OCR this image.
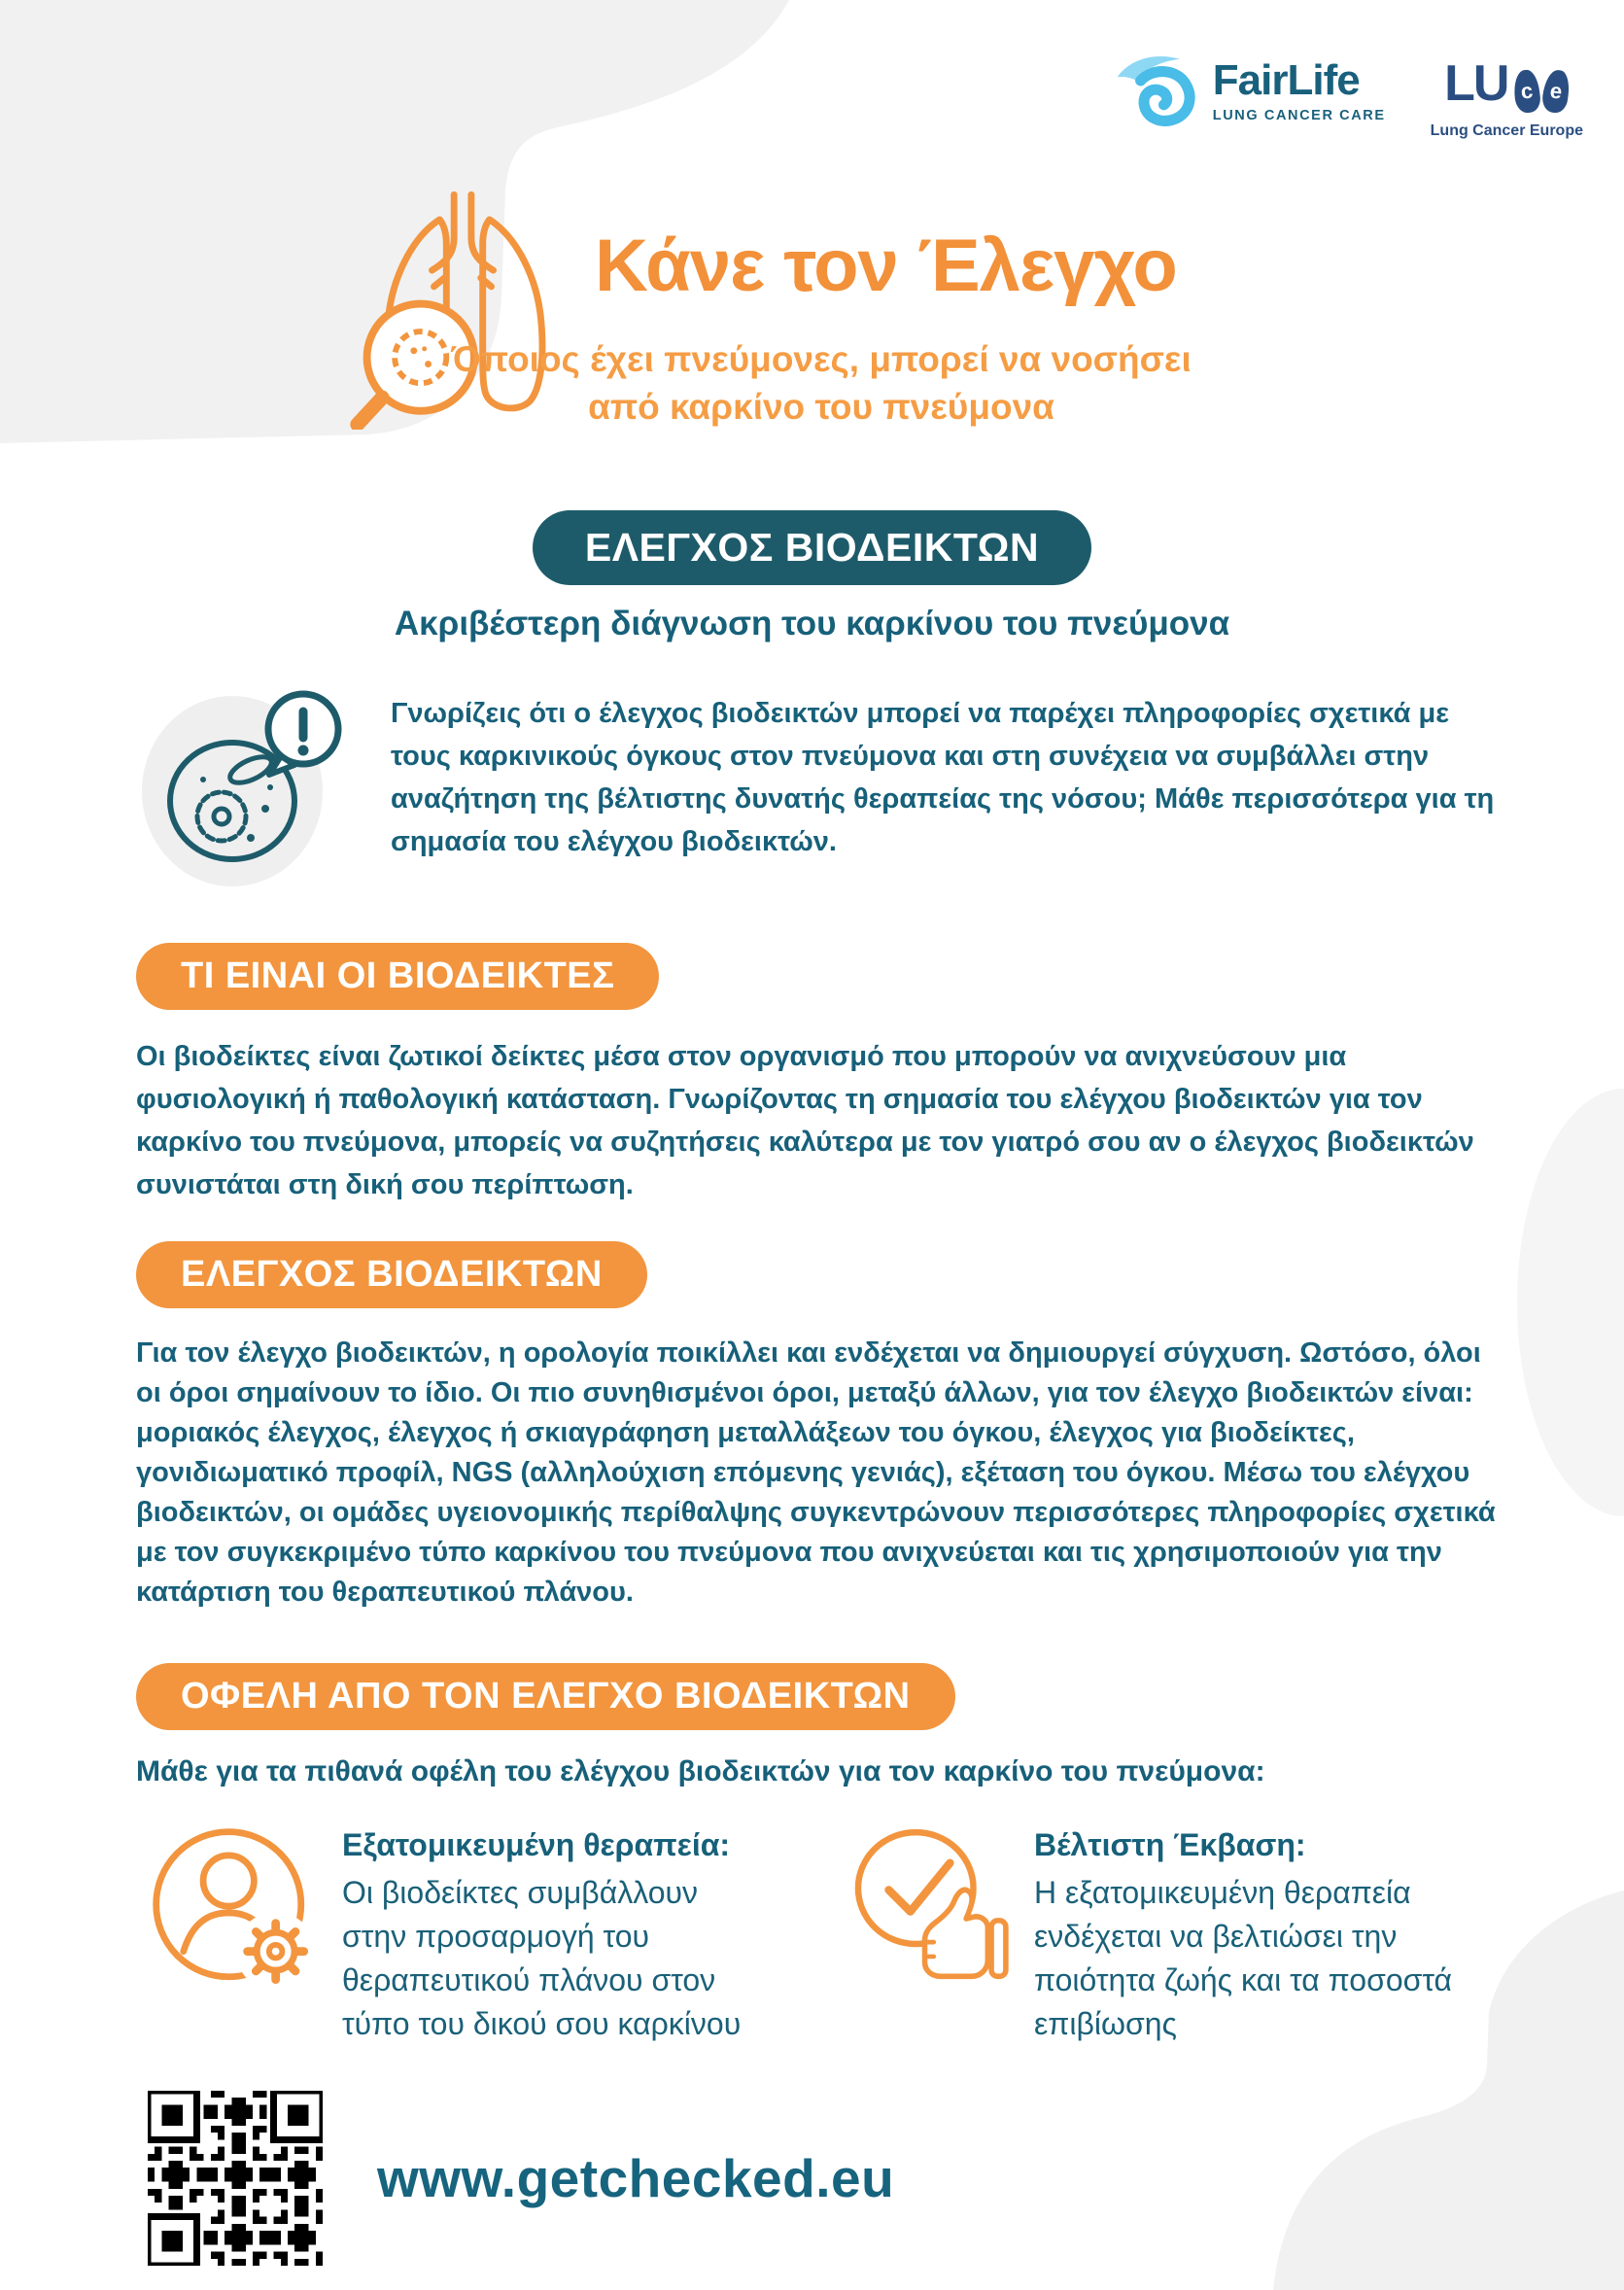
FairLife
LUNG CANCER CARE
LU c e
Lung Cancer Europe
Κάνε τον Έλεγχο
Όποιος έχει πνεύμονες, μπορεί να νοσήσει
από καρκίνο του πνεύμονα
ΕΛΕΓΧΟΣ ΒΙΟΔΕΙΚΤΩΝ
Ακριβέστερη διάγνωση του καρκίνου του πνεύμονα
Γνωρίζεις ότι ο έλεγχος βιοδεικτών μπορεί να παρέχει πληροφορίες σχετικά με τους καρκινικούς όγκους στον πνεύμονα και στη συνέχεια να συμβάλλει στην αναζήτηση της βέλτιστης δυνατής θεραπείας της νόσου; Μάθε περισσότερα για τη σημασία του ελέγχου βιοδεικτών.
ΤΙ ΕΙΝΑΙ ΟΙ ΒΙΟΔΕΙΚΤΕΣ
Οι βιοδείκτες είναι ζωτικοί δείκτες μέσα στον οργανισμό που μπορούν να ανιχνεύσουν μια φυσιολογική ή παθολογική κατάσταση. Γνωρίζοντας τη σημασία του ελέγχου βιοδεικτών για τον καρκίνο του πνεύμονα, μπορείς να συζητήσεις καλύτερα με τον γιατρό σου αν ο έλεγχος βιοδεικτών συνιστάται στη δική σου περίπτωση.
ΕΛΕΓΧΟΣ ΒΙΟΔΕΙΚΤΩΝ
Για τον έλεγχο βιοδεικτών, η ορολογία ποικίλλει και ενδέχεται να δημιουργεί σύγχυση. Ωστόσο, όλοι οι όροι σημαίνουν το ίδιο. Οι πιο συνηθισμένοι όροι, μεταξύ άλλων, για τον έλεγχο βιοδεικτών είναι: μοριακός έλεγχος, έλεγχος ή σκιαγράφηση μεταλλάξεων του όγκου, έλεγχος για βιοδείκτες, γονιδιωματικό προφίλ, NGS (αλληλούχιση επόμενης γενιάς), εξέταση του όγκου. Μέσω του ελέγχου βιοδεικτών, οι ομάδες υγειονομικής περίθαλψης συγκεντρώνουν περισσότερες πληροφορίες σχετικά με τον συγκεκριμένο τύπο καρκίνου του πνεύμονα που ανιχνεύεται και τις χρησιμοποιούν για την κατάρτιση του θεραπευτικού πλάνου.
ΟΦΕΛΗ ΑΠΟ ΤΟΝ ΕΛΕΓΧΟ ΒΙΟΔΕΙΚΤΩΝ
Μάθε για τα πιθανά οφέλη του ελέγχου βιοδεικτών για τον καρκίνο του πνεύμονα:
Εξατομικευμένη θεραπεία:
Οι βιοδείκτες συμβάλλουν στην προσαρμογή του θεραπευτικού πλάνου στον τύπο του δικού σου καρκίνου
Βέλτιστη Έκβαση:
Η εξατομικευμένη θεραπεία ενδέχεται να βελτιώσει την ποιότητα ζωής και τα ποσοστά επιβίωσης
www.getchecked.eu
